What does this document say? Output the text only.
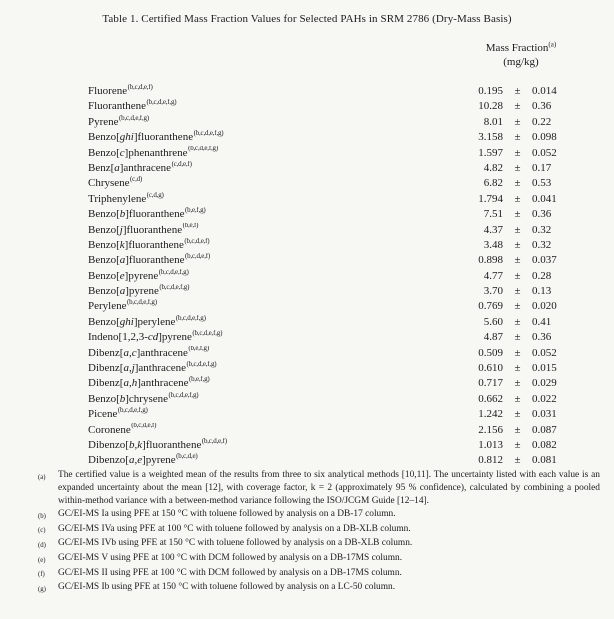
Table 1. Certified Mass Fraction Values for Selected PAHs in SRM 2786 (Dry-Mass Basis)
Mass Fraction$^{(a)}$
(mg/kg)
Fluorene$^{(b,c,d,e,f)}$	0.195	±	0.014
Fluoranthene$^{(b,c,d,e,f,g)}$	10.28	±	0.36
Pyrene$^{(b,c,d,e,f,g)}$	8.01	±	0.22
Benzo[ghi]fluoranthene$^{(b,c,d,e,f,g)}$	3.158	±	0.098
Benzo[c]phenanthrene$^{(b,c,d,e,f,g)}$	1.597	±	0.052
Benz[a]anthracene$^{(c,d,e,f)}$	4.82	±	0.17
Chrysene$^{(c,d)}$	6.82	±	0.53
Triphenylene$^{(c,d,g)}$	1.794	±	0.041
Benzo[b]fluoranthene$^{(b,e,f,g)}$	7.51	±	0.36
Benzo[j]fluoranthene$^{(b,e,f)}$	4.37	±	0.32
Benzo[k]fluoranthene$^{(b,c,d,e,f)}$	3.48	±	0.32
Benzo[a]fluoranthene$^{(b,c,d,e,f)}$	0.898	±	0.037
Benzo[e]pyrene$^{(b,c,d,e,f,g)}$	4.77	±	0.28
Benzo[a]pyrene$^{(b,c,d,e,f,g)}$	3.70	±	0.13
Perylene$^{(b,c,d,e,f,g)}$	0.769	±	0.020
Benzo[ghi]perylene$^{(b,c,d,e,f,g)}$	5.60	±	0.41
Indeno[1,2,3-cd]pyrene$^{(b,c,d,e,f,g)}$	4.87	±	0.36
Dibenz[a,c]anthracene$^{(b,e,f,g)}$	0.509	±	0.052
Dibenz[a,j]anthracene$^{(b,c,d,e,f,g)}$	0.610	±	0.015
Dibenz[a,h]anthracene$^{(b,e,f,g)}$	0.717	±	0.029
Benzo[b]chrysene$^{(b,c,d,e,f,g)}$	0.662	±	0.022
Picene$^{(b,c,d,e,f,g)}$	1.242	±	0.031
Coronene$^{(b,c,d,e,f)}$	2.156	±	0.087
Dibenzo[b,k]fluoranthene$^{(b,c,d,e,f)}$	1.013	±	0.082
Dibenzo[a,e]pyrene$^{(b,c,d,e)}$	0.812	±	0.081
(a)	The certified value is a weighted mean of the results from three to six analytical methods [10,11]. The uncertainty listed with each value is an expanded uncertainty about the mean [12], with coverage factor, k = 2 (approximately 95 % confidence), calculated by combining a pooled within-method variance with a between-method variance following the ISO/JCGM Guide [12–14].
(b)	GC/EI-MS Ia using PFE at 150 °C with toluene followed by analysis on a DB-17 column.
(c)	GC/EI-MS IVa using PFE at 100 °C with toluene followed by analysis on a DB-XLB column.
(d)	GC/EI-MS IVb using PFE at 150 °C with toluene followed by analysis on a DB-XLB column.
(e)	GC/EI-MS V using PFE at 100 °C with DCM followed by analysis on a DB-17MS column.
(f)	GC/EI-MS II using PFE at 100 °C with DCM followed by analysis on a DB-17MS column.
(g)	GC/EI-MS Ib using PFE at 150 °C with toluene followed by analysis on a LC-50 column.
